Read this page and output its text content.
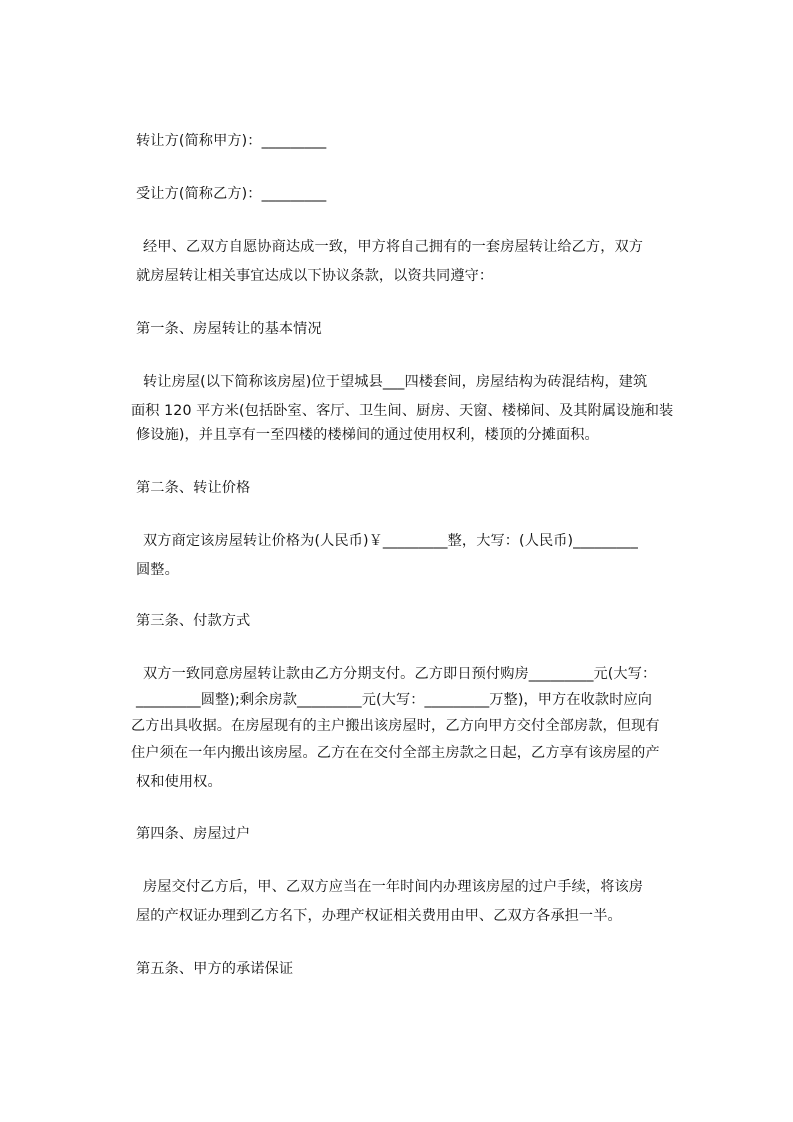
转让方(简称甲方)：_________
受让方(简称乙方)：_________
经甲、乙双方自愿协商达成一致，甲方将自己拥有的一套房屋转让给乙方，双方
就房屋转让相关事宜达成以下协议条款，以资共同遵守：
第一条、房屋转让的基本情况
转让房屋(以下简称该房屋)位于望城县___四楼套间，房屋结构为砖混结构，建筑
面积 120 平方米(包括卧室、客厅、卫生间、厨房、天窗、楼梯间、及其附属设施和装
修设施)，并且享有一至四楼的楼梯间的通过使用权利，楼顶的分摊面积。
第二条、转让价格
双方商定该房屋转让价格为(人民币)￥_________整，大写：(人民币)_________
圆整。
第三条、付款方式
双方一致同意房屋转让款由乙方分期支付。乙方即日预付购房_________元(大写：
_________圆整);剩余房款_________元(大写：_________万整)，甲方在收款时应向
乙方出具收据。在房屋现有的主户搬出该房屋时，乙方向甲方交付全部房款，但现有
住户须在一年内搬出该房屋。乙方在在交付全部主房款之日起，乙方享有该房屋的产
权和使用权。
第四条、房屋过户
房屋交付乙方后，甲、乙双方应当在一年时间内办理该房屋的过户手续，将该房
屋的产权证办理到乙方名下，办理产权证相关费用由甲、乙双方各承担一半。
第五条、甲方的承诺保证
